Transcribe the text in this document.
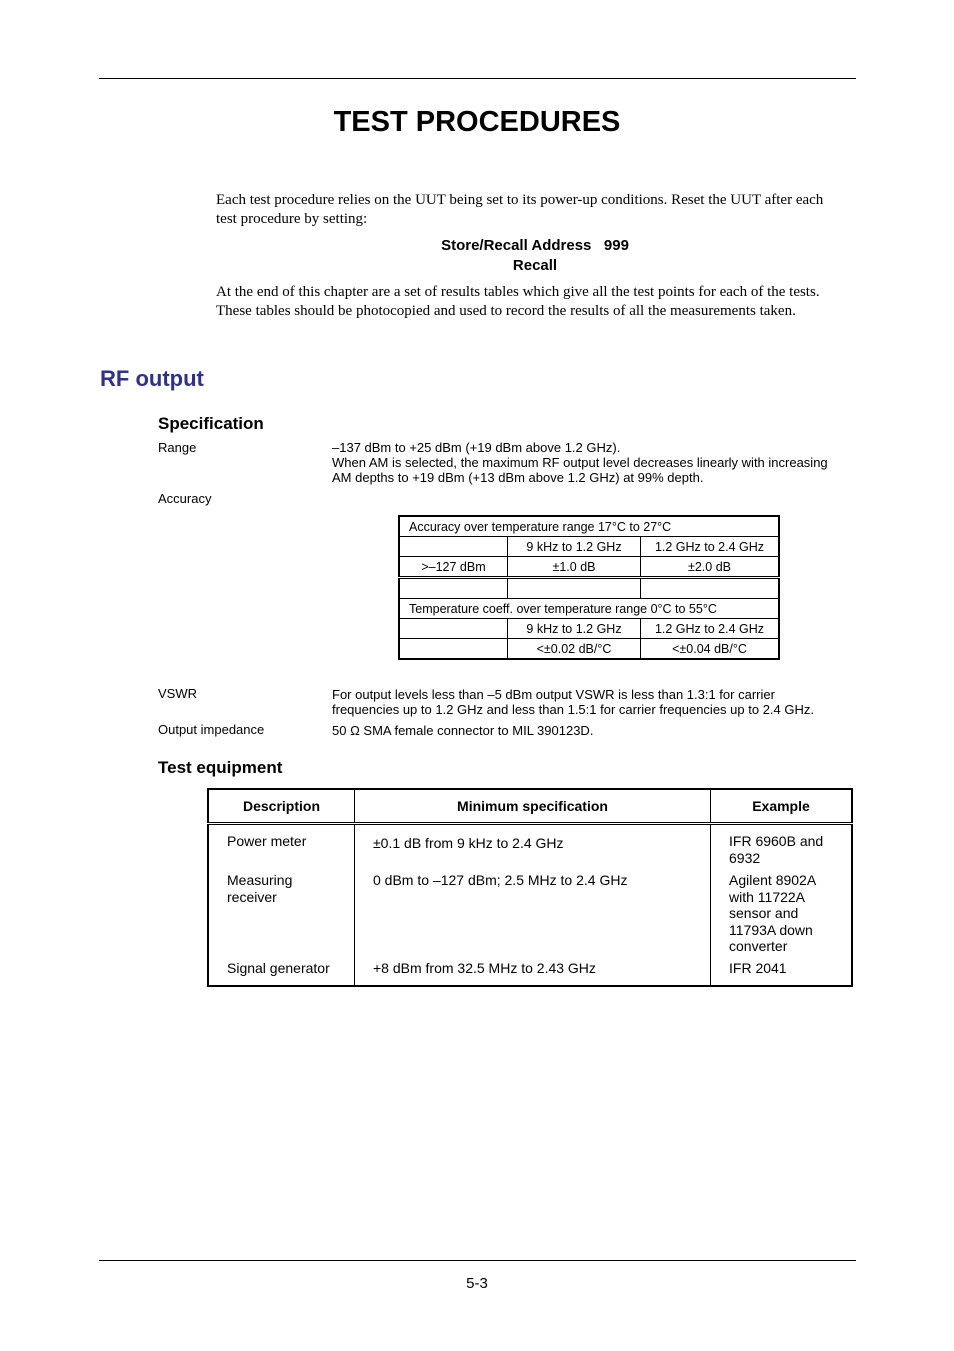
TEST PROCEDURES
Each test procedure relies on the UUT being set to its power-up conditions. Reset the UUT after each test procedure by setting:
Store/Recall Address   999
Recall
At the end of this chapter are a set of results tables which give all the test points for each of the tests. These tables should be photocopied and used to record the results of all the measurements taken.
RF output
Specification
Range	–137 dBm to +25 dBm (+19 dBm above 1.2 GHz).
When AM is selected, the maximum RF output level decreases linearly with increasing AM depths to +19 dBm (+13 dBm above 1.2 GHz) at 99% depth.
Accuracy
Accuracy over temperature range 17°C to 27°C		
	9 kHz to 1.2 GHz	1.2 GHz to 2.4 GHz
>–127 dBm	±1.0 dB	±2.0 dB

Temperature coeff. over temperature range 0°C to 55°C		
	9 kHz to 1.2 GHz	1.2 GHz to 2.4 GHz
	<±0.02 dB/°C	<±0.04 dB/°C
VSWR	For output levels less than –5 dBm output VSWR is less than 1.3:1 for carrier frequencies up to 1.2 GHz and less than 1.5:1 for carrier frequencies up to 2.4 GHz.
Output impedance	50 Ω SMA female connector to MIL 390123D.
Test equipment
Description	Minimum specification	Example
Power meter	±0.1 dB from 9 kHz to 2.4 GHz	IFR 6960B and 6932
Measuring receiver	0 dBm to –127 dBm; 2.5 MHz to 2.4 GHz	Agilent 8902A with 11722A sensor and 11793A down converter
Signal generator	+8 dBm from 32.5 MHz to 2.43 GHz	IFR 2041
5-3
